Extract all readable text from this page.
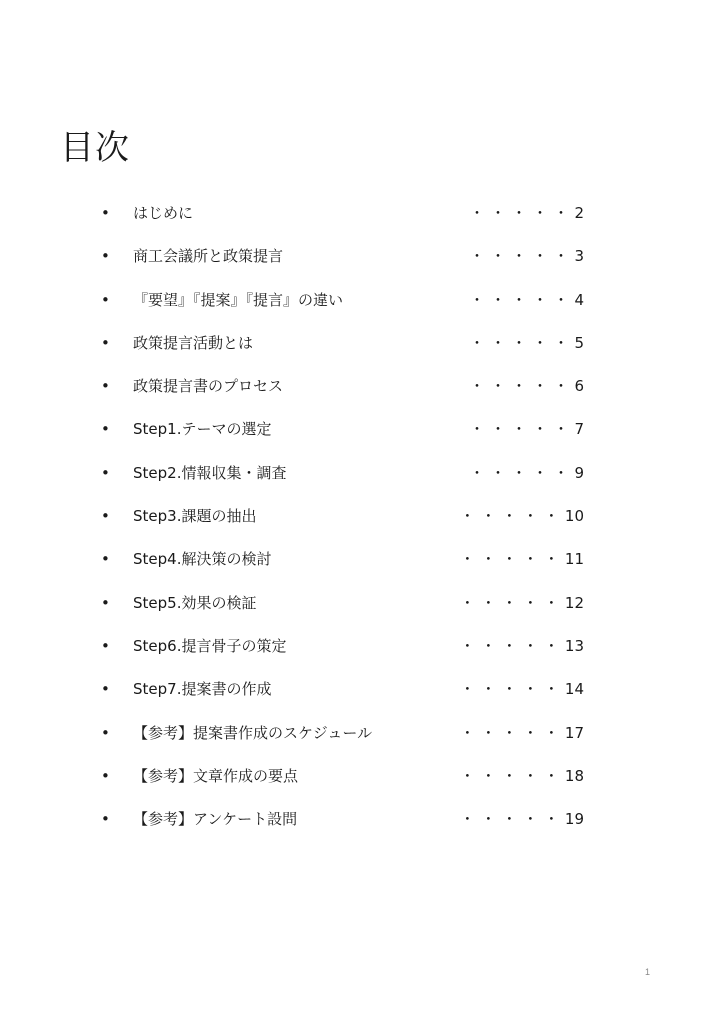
目次
• はじめに	・・・・・2
• 商工会議所と政策提言	・・・・・3
• 『要望』『提案』『提言』の違い	・・・・・4
• 政策提言活動とは	・・・・・5
• 政策提言書のプロセス	・・・・・6
• Step1.テーマの選定	・・・・・7
• Step2.情報収集・調査	・・・・・9
• Step3.課題の抽出	・・・・・10
• Step4.解決策の検討	・・・・・11
• Step5.効果の検証	・・・・・12
• Step6.提言骨子の策定	・・・・・13
• Step7.提案書の作成	・・・・・14
• 【参考】提案書作成のスケジュール	・・・・・17
• 【参考】文章作成の要点	・・・・・18
• 【参考】アンケート設問	・・・・・19
1
